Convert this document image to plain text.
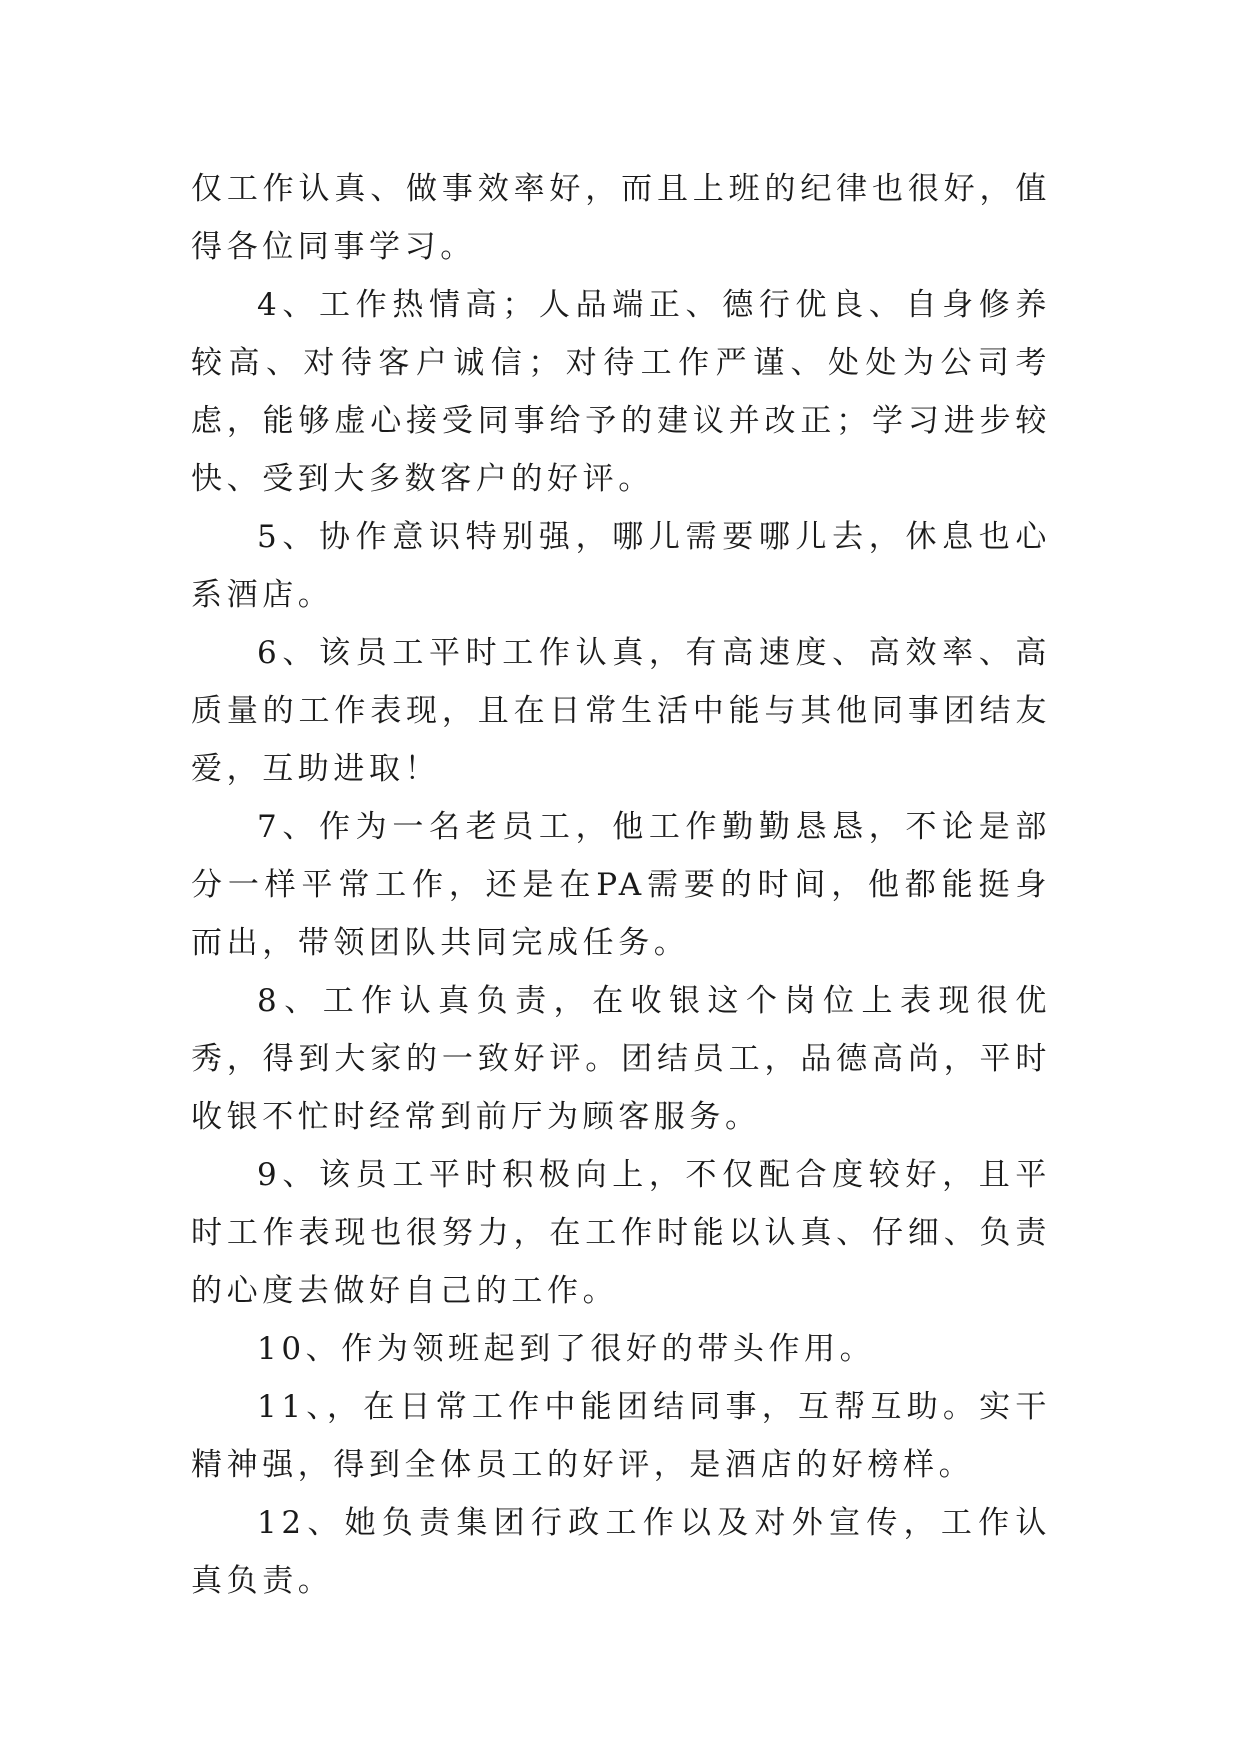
仅工作认真、做事效率好，而且上班的纪律也很好，值得各位同事学习。

4、工作热情高；人品端正、德行优良、自身修养较高、对待客户诚信；对待工作严谨、处处为公司考虑，能够虚心接受同事给予的建议并改正；学习进步较快、受到大多数客户的好评。

5、协作意识特别强，哪儿需要哪儿去，休息也心系酒店。

6、该员工平时工作认真，有高速度、高效率、高质量的工作表现，且在日常生活中能与其他同事团结友爱，互助进取！

7、作为一名老员工，他工作勤勤恳恳，不论是部分一样平常工作，还是在PA需要的时间，他都能挺身而出，带领团队共同完成任务。

8、工作认真负责，在收银这个岗位上表现很优秀，得到大家的一致好评。团结员工，品德高尚，平时收银不忙时经常到前厅为顾客服务。

9、该员工平时积极向上，不仅配合度较好，且平时工作表现也很努力，在工作时能以认真、仔细、负责的心度去做好自己的工作。

10、作为领班起到了很好的带头作用。

11、，在日常工作中能团结同事，互帮互助。实干精神强，得到全体员工的好评，是酒店的好榜样。

12、她负责集团行政工作以及对外宣传，工作认真负责。
